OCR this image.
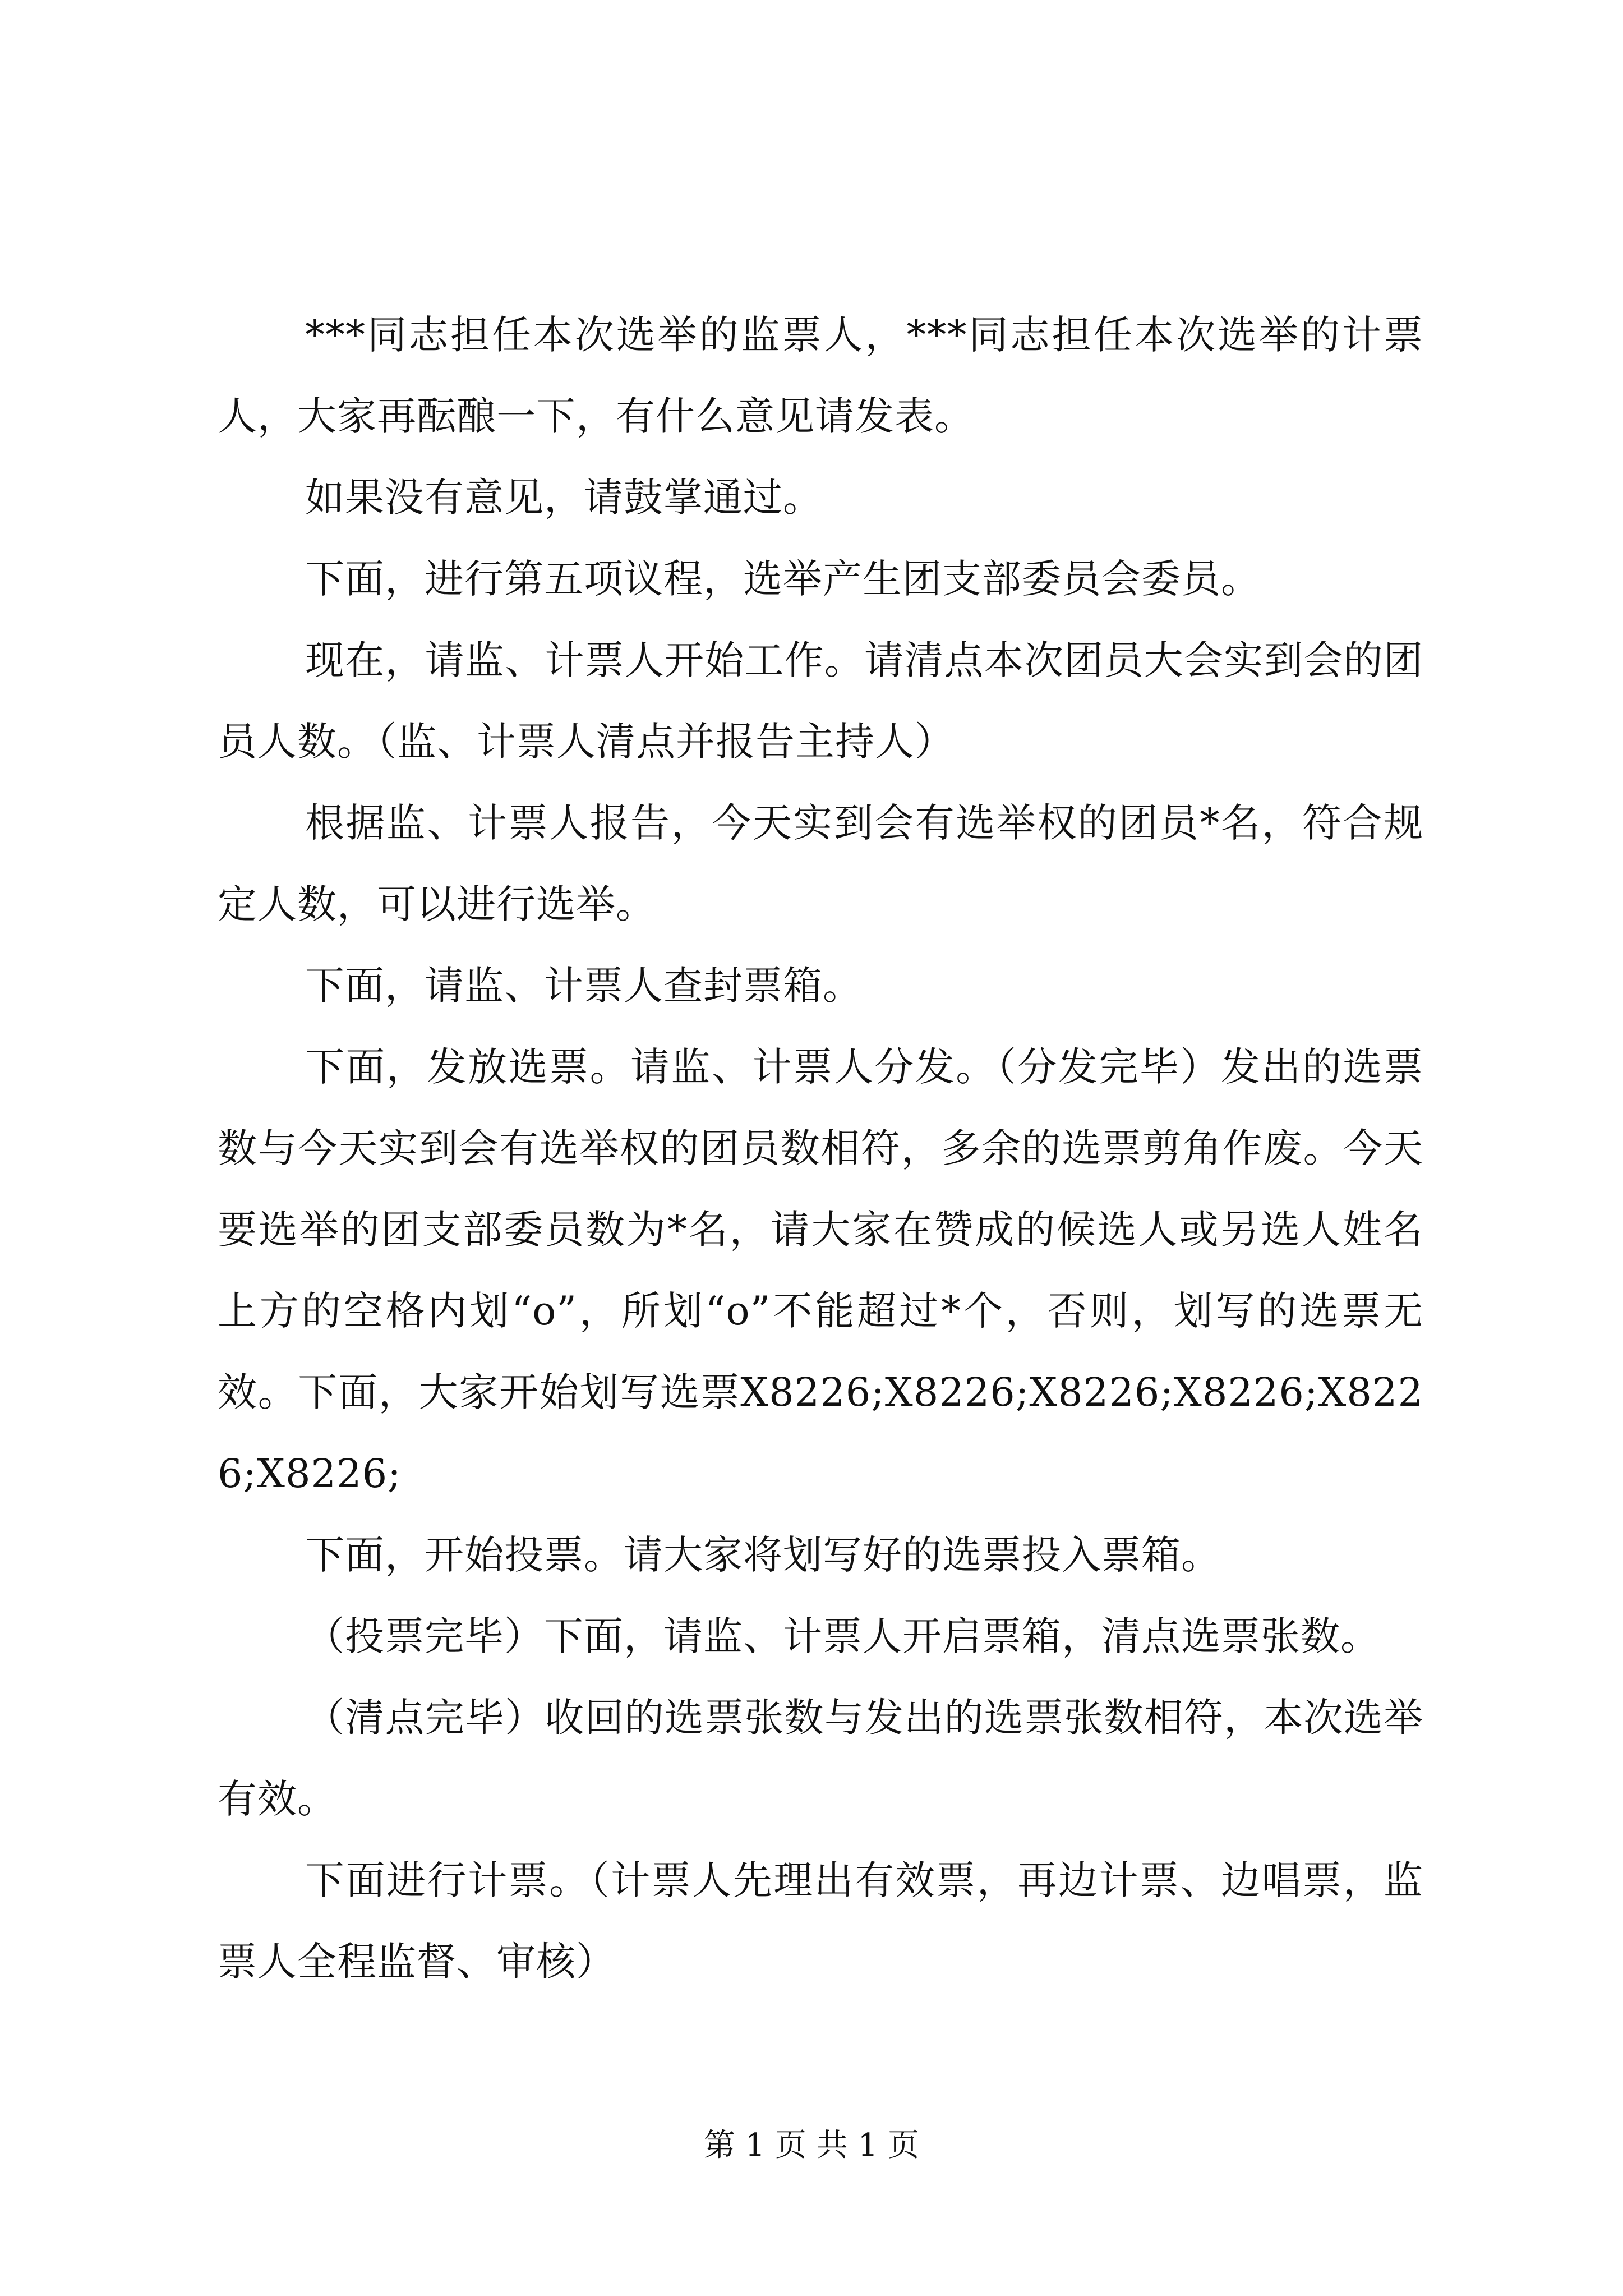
***同志担任本次选举的监票人，***同志担任本次选举的计票人，大家再酝酿一下，有什么意见请发表。

如果没有意见，请鼓掌通过。

下面，进行第五项议程，选举产生团支部委员会委员。

现在，请监、计票人开始工作。请清点本次团员大会实到会的团员人数。（监、计票人清点并报告主持人）

根据监、计票人报告，今天实到会有选举权的团员*名，符合规定人数，可以进行选举。

下面，请监、计票人查封票箱。

下面，发放选票。请监、计票人分发。（分发完毕）发出的选票数与今天实到会有选举权的团员数相符，多余的选票剪角作废。今天要选举的团支部委员数为*名，请大家在赞成的候选人或另选人姓名上方的空格内划“o”，所划“o”不能超过*个，否则，划写的选票无效。下面，大家开始划写选票X8226;X8226;X8226;X8226;X8226;X8226;

下面，开始投票。请大家将划写好的选票投入票箱。

（投票完毕）下面，请监、计票人开启票箱，清点选票张数。

（清点完毕）收回的选票张数与发出的选票张数相符，本次选举有效。

下面进行计票。（计票人先理出有效票，再边计票、边唱票，监票人全程监督、审核）

第 1 页 共 1 页
